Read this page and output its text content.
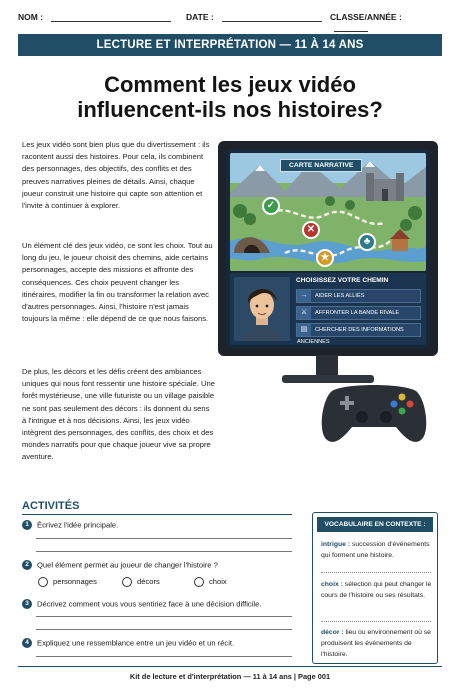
NOM :	DATE :	CLASSE/ANNÉE :
LECTURE ET INTERPRÉTATION — 11 À 14 ANS
Comment les jeux vidéo
influencent-ils nos histoires?
Les jeux vidéo sont bien plus que du divertissement : ils racontent aussi des histoires. Pour cela, ils combinent des personnages, des objectifs, des conflits et des preuves narratives pleines de détails. Ainsi, chaque joueur construit une histoire qui capte son attention et l'invite à continuer à explorer.
Un élément clé des jeux vidéo, ce sont les choix. Tout au long du jeu, le joueur choisit des chemins, aide certains personnages, accepte des missions et affronte des conséquences. Ces choix peuvent changer les itinéraires, modifier la fin ou transformer la relation avec d'autres personnages. Ainsi, l'histoire n'est jamais toujours la même : elle dépend de ce que nous faisons.
De plus, les décors et les défis créent des ambiances uniques qui nous font ressentir une histoire spéciale. Une forêt mystérieuse, une ville futuriste ou un village paisible ne sont pas seulement des décors : ils donnent du sens à l'intrigue et à nos décisions. Ainsi, les jeux vidéo intègrent des personnages, des conflits, des choix et des mondes narratifs pour que chaque joueur vive sa propre aventure.
CARTE NARRATIVE
✓
✕
♣
★
CHOISISSEZ VOTRE CHEMIN
→ AIDER LES ALLIÉS
⚔ AFFRONTER LA BANDE RIVALE
▤ CHERCHER DES INFORMATIONS ANCIENNES
ACTIVITÉS
1 Écrivez l'idée principale.
2 Quel élément permet au joueur de changer l'histoire ?
personnages	décors	choix
3 Décrivez comment vous vous sentiriez face à une décision difficile.
4 Expliquez une ressemblance entre un jeu vidéo et un récit.
VOCABULAIRE EN CONTEXTE :
intrigue : succession d'événements qui forment une histoire.
choix : sélection qui peut changer le cours de l'histoire ou ses résultats.
décor : lieu ou environnement où se produisent les événements de l'histoire.
Kit de lecture et d'interprétation — 11 à 14 ans | Page 001
